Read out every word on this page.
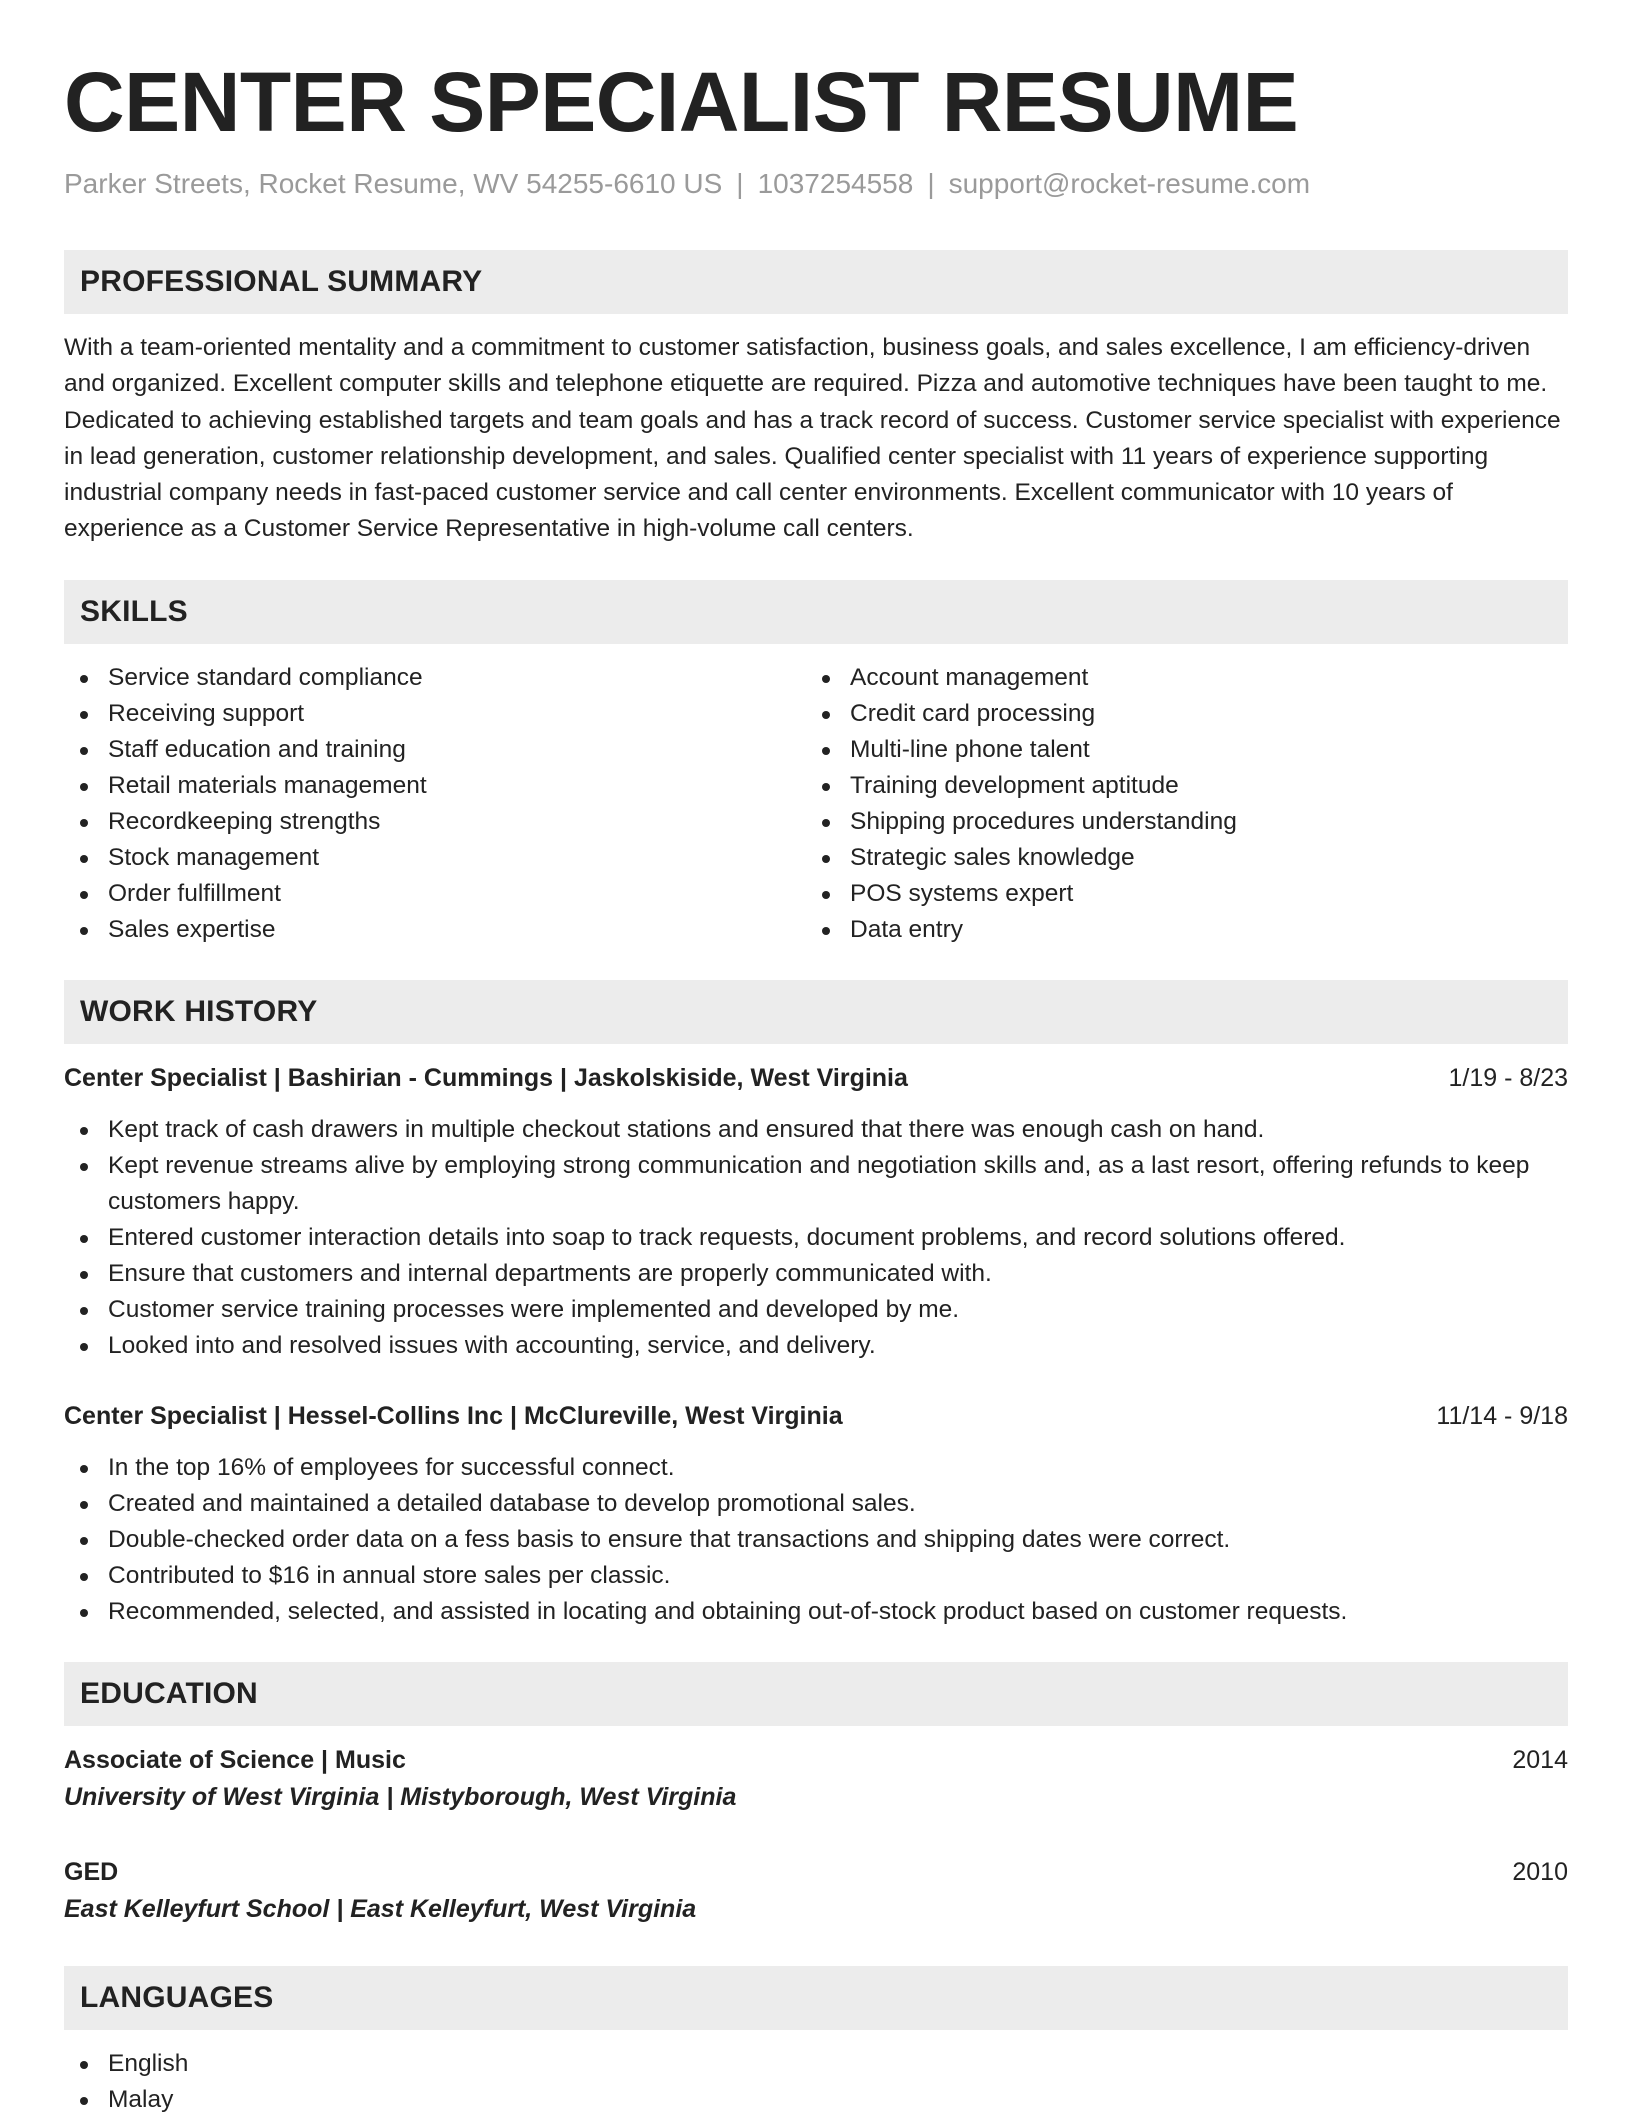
CENTER SPECIALIST RESUME
Parker Streets, Rocket Resume, WV 54255-6610 US | 1037254558 | support@rocket-resume.com
PROFESSIONAL SUMMARY

With a team-oriented mentality and a commitment to customer satisfaction, business goals, and sales excellence, I am efficiency-driven and organized. Excellent computer skills and telephone etiquette are required. Pizza and automotive techniques have been taught to me. Dedicated to achieving established targets and team goals and has a track record of success. Customer service specialist with experience in lead generation, customer relationship development, and sales. Qualified center specialist with 11 years of experience supporting industrial company needs in fast-paced customer service and call center environments. Excellent communicator with 10 years of experience as a Customer Service Representative in high-volume call centers.

SKILLS
Service standard compliance
Receiving support
Staff education and training
Retail materials management
Recordkeeping strengths
Stock management
Order fulfillment
Sales expertise
Account management
Credit card processing
Multi-line phone talent
Training development aptitude
Shipping procedures understanding
Strategic sales knowledge
POS systems expert
Data entry
WORK HISTORY
Center Specialist | Bashirian - Cummings | Jaskolskiside, West Virginia	1/19 - 8/23
Kept track of cash drawers in multiple checkout stations and ensured that there was enough cash on hand.
Kept revenue streams alive by employing strong communication and negotiation skills and, as a last resort, offering refunds to keep customers happy.
Entered customer interaction details into soap to track requests, document problems, and record solutions offered.
Ensure that customers and internal departments are properly communicated with.
Customer service training processes were implemented and developed by me.
Looked into and resolved issues with accounting, service, and delivery.
Center Specialist | Hessel-Collins Inc | McClureville, West Virginia	11/14 - 9/18
In the top 16% of employees for successful connect.
Created and maintained a detailed database to develop promotional sales.
Double-checked order data on a fess basis to ensure that transactions and shipping dates were correct.
Contributed to $16 in annual store sales per classic.
Recommended, selected, and assisted in locating and obtaining out-of-stock product based on customer requests.
EDUCATION
Associate of Science | Music	2014
University of West Virginia | Mistyborough, West Virginia
GED	2010
East Kelleyfurt School | East Kelleyfurt, West Virginia
LANGUAGES
English
Malay
